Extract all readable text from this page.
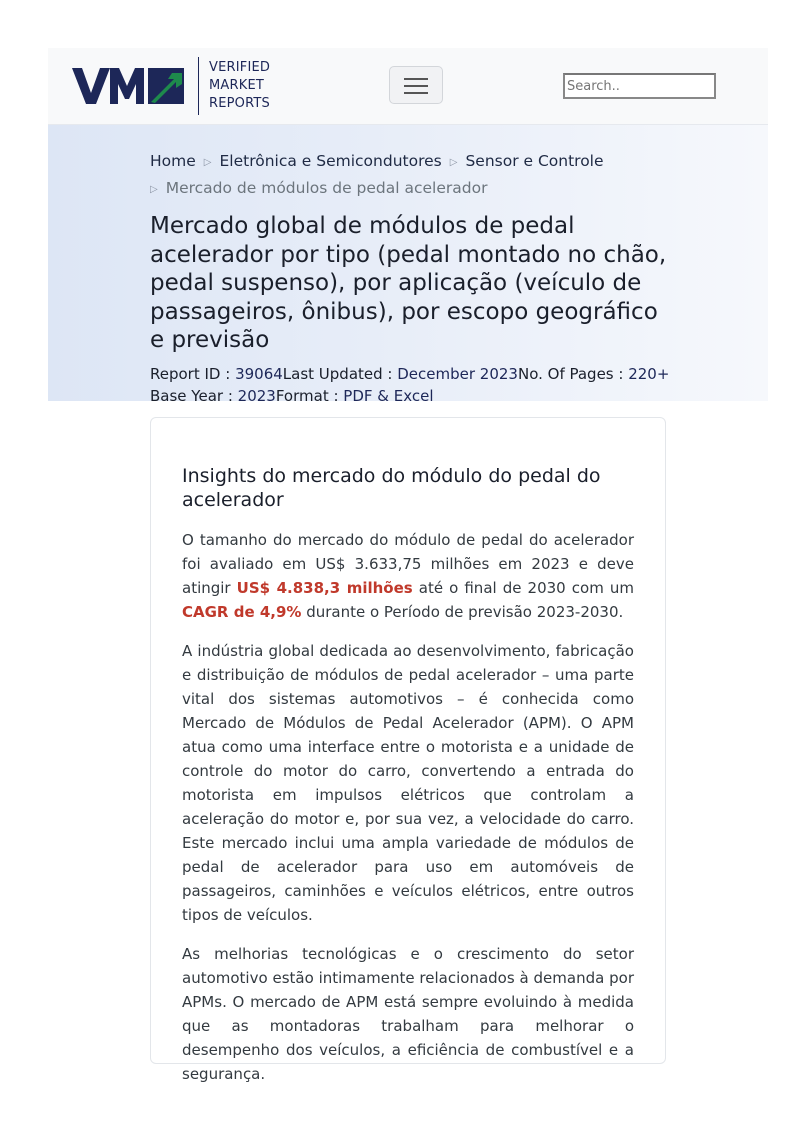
VERIFIED
MARKET
REPORTS
Search..
Home ▷ Eletrônica e Semicondutores ▷ Sensor e Controle
▷ Mercado de módulos de pedal acelerador
Mercado global de módulos de pedal acelerador por tipo (pedal montado no chão, pedal suspenso), por aplicação (veículo de passageiros, ônibus), por escopo geográfico e previsão
Report ID : 39064Last Updated : December 2023No. Of Pages : 220+
Base Year : 2023Format : PDF & Excel
Insights do mercado do módulo do pedal do acelerador

O tamanho do mercado do módulo de pedal do acelerador foi avaliado em US$ 3.633,75 milhões em 2023 e deve atingir US$ 4.838,3 milhões até o final de 2030 com um CAGR de 4,9% durante o Período de previsão 2023-2030.

A indústria global dedicada ao desenvolvimento, fabricação e distribuição de módulos de pedal acelerador – uma parte vital dos sistemas automotivos – é conhecida como Mercado de Módulos de Pedal Acelerador (APM). O APM atua como uma interface entre o motorista e a unidade de controle do motor do carro, convertendo a entrada do motorista em impulsos elétricos que controlam a aceleração do motor e, por sua vez, a velocidade do carro. Este mercado inclui uma ampla variedade de módulos de pedal de acelerador para uso em automóveis de passageiros, caminhões e veículos elétricos, entre outros tipos de veículos.

As melhorias tecnológicas e o crescimento do setor automotivo estão intimamente relacionados à demanda por APMs. O mercado de APM está sempre evoluindo à medida que as montadoras trabalham para melhorar o desempenho dos veículos, a eficiência de combustível e a segurança.
